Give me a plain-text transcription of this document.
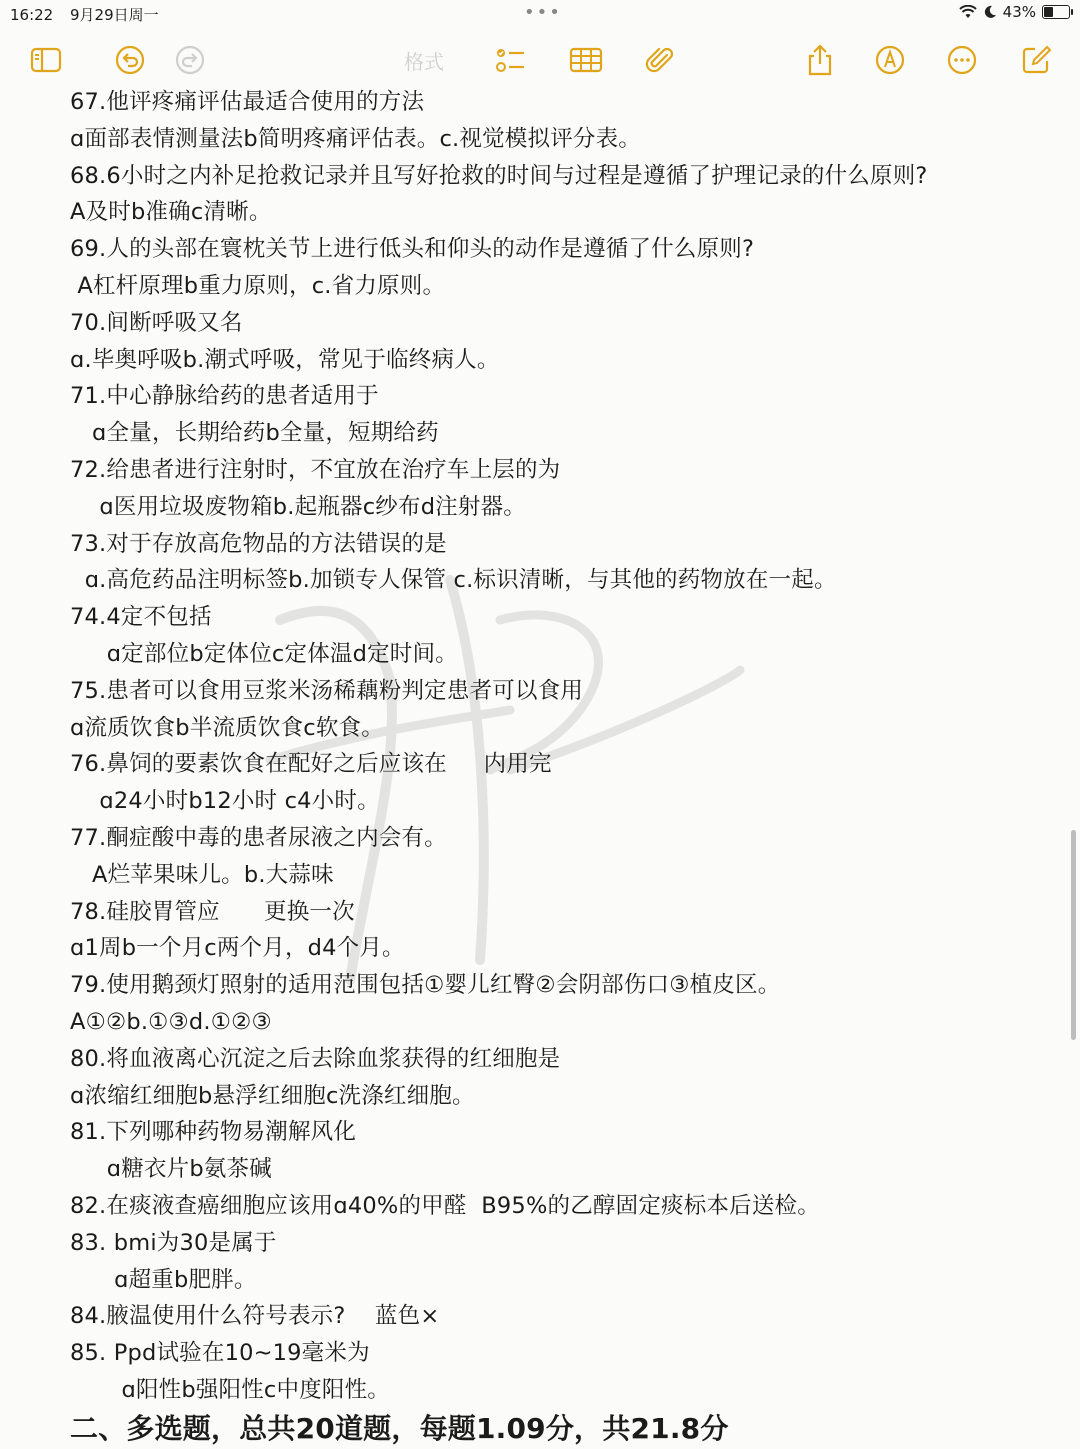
16:22 9月29日周一	•••	43%
格式
67.他评疼痛评估最适合使用的方法
ɑ面部表情测量法b简明疼痛评估表。c.视觉模拟评分表。
68.6小时之内补足抢救记录并且写好抢救的时间与过程是遵循了护理记录的什么原则?
A及时b准确c清晰。
69.人的头部在寰枕关节上进行低头和仰头的动作是遵循了什么原则?
A杠杆原理b重力原则，c.省力原则。
70.间断呼吸又名
ɑ.毕奥呼吸b.潮式呼吸，常见于临终病人。
71.中心静脉给药的患者适用于
ɑ全量，长期给药b全量，短期给药
72.给患者进行注射时，不宜放在治疗车上层的为
ɑ医用垃圾废物箱b.起瓶器c纱布d注射器。
73.对于存放高危物品的方法错误的是
ɑ.高危药品注明标签b.加锁专人保管 c.标识清晰，与其他的药物放在一起。
74.4定不包括
ɑ定部位b定体位c定体温d定时间。
75.患者可以食用豆浆米汤稀藕粉判定患者可以食用
ɑ流质饮食b半流质饮食c软食。
76.鼻饲的要素饮食在配好之后应该在     内用完
ɑ24小时b12小时 c4小时。
77.酮症酸中毒的患者尿液之内会有。
A烂苹果味儿。b.大蒜味
78.硅胶胃管应      更换一次
ɑ1周b一个月c两个月，d4个月。
79.使用鹅颈灯照射的适用范围包括①婴儿红臀②会阴部伤口③植皮区。
A①②b.①③d.①②③
80.将血液离心沉淀之后去除血浆获得的红细胞是
ɑ浓缩红细胞b悬浮红细胞c洗涤红细胞。
81.下列哪种药物易潮解风化
ɑ糖衣片b氨茶碱
82.在痰液查癌细胞应该用ɑ40%的甲醛  B95%的乙醇固定痰标本后送检。
83. bmi为30是属于
ɑ超重b肥胖。
84.腋温使用什么符号表示?    蓝色×
85. Ppd试验在10~19毫米为
ɑ阳性b强阳性c中度阳性。
二、多选题，总共20道题，每题1.09分，共21.8分
